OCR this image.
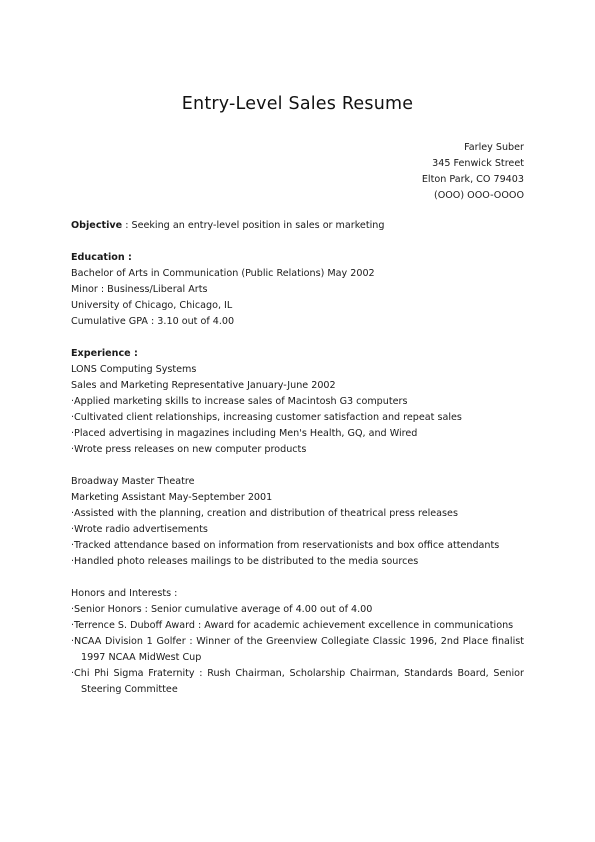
Entry-Level Sales Resume
Farley Suber
345 Fenwick Street
Elton Park, CO 79403
(OOO) OOO-OOOO
Objective : Seeking an entry-level position in sales or marketing
Education :
Bachelor of Arts in Communication (Public Relations) May 2002
Minor : Business/Liberal Arts
University of Chicago, Chicago, IL
Cumulative GPA : 3.10 out of 4.00
Experience :
LONS Computing Systems
Sales and Marketing Representative January-June 2002
·Applied marketing skills to increase sales of Macintosh G3 computers
·Cultivated client relationships, increasing customer satisfaction and repeat sales
·Placed advertising in magazines including Men's Health, GQ, and Wired
·Wrote press releases on new computer products
Broadway Master Theatre
Marketing Assistant May-September 2001
·Assisted with the planning, creation and distribution of theatrical press releases
·Wrote radio advertisements
·Tracked attendance based on information from reservationists and box office attendants
·Handled photo releases mailings to be distributed to the media sources
Honors and Interests :
·Senior Honors : Senior cumulative average of 4.00 out of 4.00
·Terrence S. Duboff Award : Award for academic achievement excellence in communications
·NCAA Division 1 Golfer : Winner of the Greenview Collegiate Classic 1996, 2nd Place finalist 1997 NCAA MidWest Cup
·Chi Phi Sigma Fraternity : Rush Chairman, Scholarship Chairman, Standards Board, Senior Steering Committee
